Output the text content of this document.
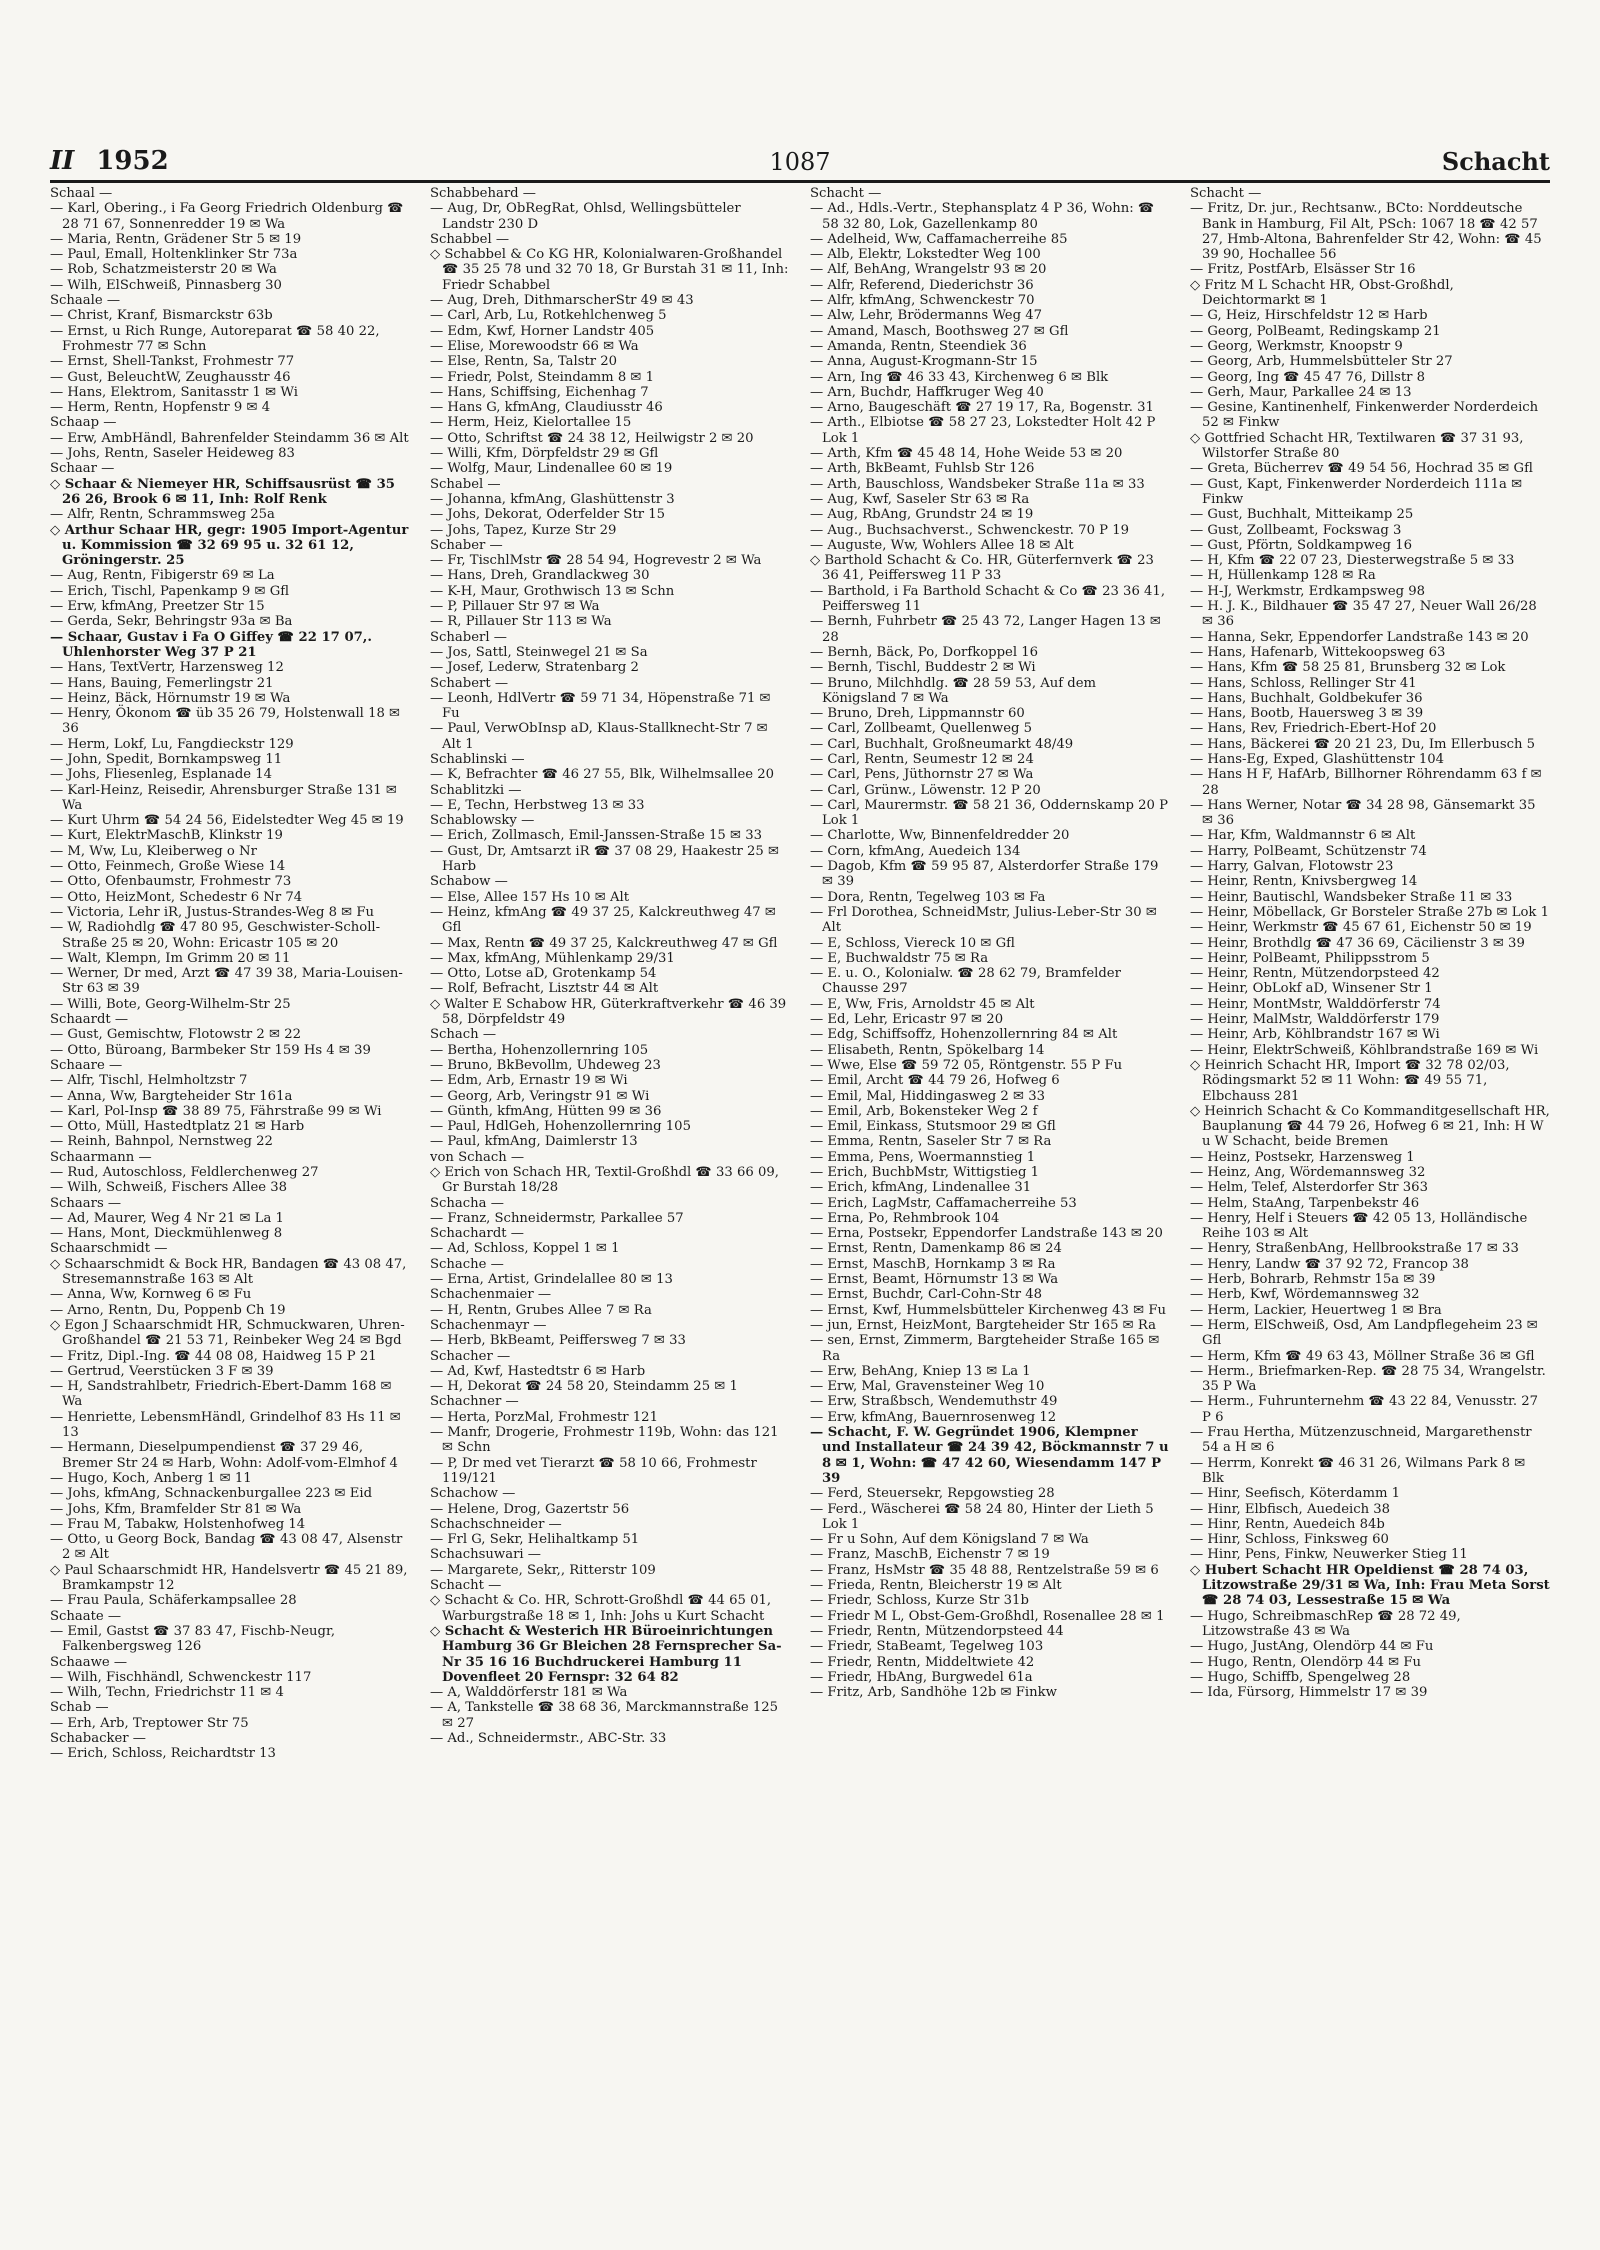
II 1952	1087	Schacht

Schaal —

— Karl, Obering., i Fa Georg Friedrich Oldenburg ☎ 28 71 67, Sonnenredder 19 ✉ Wa

— Maria, Rentn, Grädener Str 5 ✉ 19

— Paul, Emall, Holtenklinker Str 73a

— Rob, Schatzmeisterstr 20 ✉ Wa

— Wilh, ElSchweiß, Pinnasberg 30

Schaale —

— Christ, Kranf, Bismarckstr 63b

— Ernst, u Rich Runge, Autoreparat ☎ 58 40 22, Frohmestr 77 ✉ Schn

— Ernst, Shell-Tankst, Frohmestr 77

— Gust, BeleuchtW, Zeughausstr 46

— Hans, Elektrom, Sanitasstr 1 ✉ Wi

— Herm, Rentn, Hopfenstr 9 ✉ 4

Schaap —

— Erw, AmbHändl, Bahrenfelder Steindamm 36 ✉ Alt

— Johs, Rentn, Saseler Heideweg 83

Schaar —

◇ Schaar & Niemeyer HR, Schiffsausrüst ☎ 35 26 26, Brook 6 ✉ 11, Inh: Rolf Renk

— Alfr, Rentn, Schrammsweg 25a

◇ Arthur Schaar HR, gegr: 1905 Import-Agentur u. Kommission ☎ 32 69 95 u. 32 61 12, Gröningerstr. 25

— Aug, Rentn, Fibigerstr 69 ✉ La

— Erich, Tischl, Papenkamp 9 ✉ Gfl

— Erw, kfmAng, Preetzer Str 15

— Gerda, Sekr, Behringstr 93a ✉ Ba

— Schaar, Gustav i Fa O Giffey ☎ 22 17 07,. Uhlenhorster Weg 37 P 21

— Hans, TextVertr, Harzensweg 12

— Hans, Bauing, Femerlingstr 21

— Heinz, Bäck, Hörnumstr 19 ✉ Wa

— Henry, Ökonom ☎ üb 35 26 79, Holstenwall 18 ✉ 36

— Herm, Lokf, Lu, Fangdieckstr 129

— John, Spedit, Bornkampsweg 11

— Johs, Fliesenleg, Esplanade 14

— Karl-Heinz, Reisedir, Ahrensburger Straße 131 ✉ Wa

— Kurt Uhrm ☎ 54 24 56, Eidelstedter Weg 45 ✉ 19

— Kurt, ElektrMaschB, Klinkstr 19

— M, Ww, Lu, Kleiberweg o Nr

— Otto, Feinmech, Große Wiese 14

— Otto, Ofenbaumstr, Frohmestr 73

— Otto, HeizMont, Schedestr 6 Nr 74

— Victoria, Lehr iR, Justus-Strandes-Weg 8 ✉ Fu

— W, Radiohdlg ☎ 47 80 95, Geschwister-Scholl-Straße 25 ✉ 20, Wohn: Ericastr 105 ✉ 20

— Walt, Klempn, Im Grimm 20 ✉ 11

— Werner, Dr med, Arzt ☎ 47 39 38, Maria-Louisen-Str 63 ✉ 39

— Willi, Bote, Georg-Wilhelm-Str 25

Schaardt —

— Gust, Gemischtw, Flotowstr 2 ✉ 22

— Otto, Büroang, Barmbeker Str 159 Hs 4 ✉ 39

Schaare —

— Alfr, Tischl, Helmholtzstr 7

— Anna, Ww, Bargteheider Str 161a

— Karl, Pol-Insp ☎ 38 89 75, Fährstraße 99 ✉ Wi

— Otto, Müll, Hastedtplatz 21 ✉ Harb

— Reinh, Bahnpol, Nernstweg 22

Schaarmann —

— Rud, Autoschloss, Feldlerchenweg 27

— Wilh, Schweiß, Fischers Allee 38

Schaars —

— Ad, Maurer, Weg 4 Nr 21 ✉ La 1

— Hans, Mont, Dieckmühlenweg 8

Schaarschmidt —

◇ Schaarschmidt & Bock HR, Bandagen ☎ 43 08 47, Stresemannstraße 163 ✉ Alt

— Anna, Ww, Kornweg 6 ✉ Fu

— Arno, Rentn, Du, Poppenb Ch 19

◇ Egon J Schaarschmidt HR, Schmuckwaren, Uhren-Großhandel ☎ 21 53 71, Reinbeker Weg 24 ✉ Bgd

— Fritz, Dipl.-Ing. ☎ 44 08 08, Haidweg 15 P 21

— Gertrud, Veerstücken 3 F ✉ 39

— H, Sandstrahlbetr, Friedrich-Ebert-Damm 168 ✉ Wa

— Henriette, LebensmHändl, Grindelhof 83 Hs 11 ✉ 13

— Hermann, Dieselpumpendienst ☎ 37 29 46, Bremer Str 24 ✉ Harb, Wohn: Adolf-vom-Elmhof 4

— Hugo, Koch, Anberg 1 ✉ 11

— Johs, kfmAng, Schnackenburgallee 223 ✉ Eid

— Johs, Kfm, Bramfelder Str 81 ✉ Wa

— Frau M, Tabakw, Holstenhofweg 14

— Otto, u Georg Bock, Bandag ☎ 43 08 47, Alsenstr 2 ✉ Alt

◇ Paul Schaarschmidt HR, Handelsvertr ☎ 45 21 89, Bramkampstr 12

— Frau Paula, Schäferkampsallee 28

Schaate —

— Emil, Gastst ☎ 37 83 47, Fischb-Neugr, Falkenbergsweg 126

Schaawe —

— Wilh, Fischhändl, Schwenckestr 117

— Wilh, Techn, Friedrichstr 11 ✉ 4

Schab —

— Erh, Arb, Treptower Str 75

Schabacker —

— Erich, Schloss, Reichardtstr 13

Schabbehard —

— Aug, Dr, ObRegRat, Ohlsd, Wellingsbütteler Landstr 230 D

Schabbel —

◇ Schabbel & Co KG HR, Kolonialwaren-Großhandel ☎ 35 25 78 und 32 70 18, Gr Burstah 31 ✉ 11, Inh: Friedr Schabbel

— Aug, Dreh, DithmarscherStr 49 ✉ 43

— Carl, Arb, Lu, Rotkehlchenweg 5

— Edm, Kwf, Horner Landstr 405

— Elise, Morewoodstr 66 ✉ Wa

— Else, Rentn, Sa, Talstr 20

— Friedr, Polst, Steindamm 8 ✉ 1

— Hans, Schiffsing, Eichenhag 7

— Hans G, kfmAng, Claudiusstr 46

— Herm, Heiz, Kielortallee 15

— Otto, Schriftst ☎ 24 38 12, Heilwigstr 2 ✉ 20

— Willi, Kfm, Dörpfeldstr 29 ✉ Gfl

— Wolfg, Maur, Lindenallee 60 ✉ 19

Schabel —

— Johanna, kfmAng, Glashüttenstr 3

— Johs, Dekorat, Oderfelder Str 15

— Johs, Tapez, Kurze Str 29

Schaber —

— Fr, TischlMstr ☎ 28 54 94, Hogrevestr 2 ✉ Wa

— Hans, Dreh, Grandlackweg 30

— K-H, Maur, Grothwisch 13 ✉ Schn

— P, Pillauer Str 97 ✉ Wa

— R, Pillauer Str 113 ✉ Wa

Schaberl —

— Jos, Sattl, Steinwegel 21 ✉ Sa

— Josef, Lederw, Stratenbarg 2

Schabert —

— Leonh, HdlVertr ☎ 59 71 34, Höpenstraße 71 ✉ Fu

— Paul, VerwObInsp aD, Klaus-Stallknecht-Str 7 ✉ Alt 1

Schablinski —

— K, Befrachter ☎ 46 27 55, Blk, Wilhelmsallee 20

Schablitzki —

— E, Techn, Herbstweg 13 ✉ 33

Schablowsky —

— Erich, Zollmasch, Emil-Janssen-Straße 15 ✉ 33

— Gust, Dr, Amtsarzt iR ☎ 37 08 29, Haakestr 25 ✉ Harb

Schabow —

— Else, Allee 157 Hs 10 ✉ Alt

— Heinz, kfmAng ☎ 49 37 25, Kalckreuthweg 47 ✉ Gfl

— Max, Rentn ☎ 49 37 25, Kalckreuthweg 47 ✉ Gfl

— Max, kfmAng, Mühlenkamp 29/31

— Otto, Lotse aD, Grotenkamp 54

— Rolf, Befracht, Lisztstr 44 ✉ Alt

◇ Walter E Schabow HR, Güterkraftverkehr ☎ 46 39 58, Dörpfeldstr 49

Schach —

— Bertha, Hohenzollernring 105

— Bruno, BkBevollm, Uhdeweg 23

— Edm, Arb, Ernastr 19 ✉ Wi

— Georg, Arb, Veringstr 91 ✉ Wi

— Günth, kfmAng, Hütten 99 ✉ 36

— Paul, HdlGeh, Hohenzollernring 105

— Paul, kfmAng, Daimlerstr 13

von Schach —

◇ Erich von Schach HR, Textil-Großhdl ☎ 33 66 09, Gr Burstah 18/28

Schacha —

— Franz, Schneidermstr, Parkallee 57

Schachardt —

— Ad, Schloss, Koppel 1 ✉ 1

Schache —

— Erna, Artist, Grindelallee 80 ✉ 13

Schachenmaier —

— H, Rentn, Grubes Allee 7 ✉ Ra

Schachenmayr —

— Herb, BkBeamt, Peiffersweg 7 ✉ 33

Schacher —

— Ad, Kwf, Hastedtstr 6 ✉ Harb

— H, Dekorat ☎ 24 58 20, Steindamm 25 ✉ 1

Schachner —

— Herta, PorzMal, Frohmestr 121

— Manfr, Drogerie, Frohmestr 119b, Wohn: das 121 ✉ Schn

— P, Dr med vet Tierarzt ☎ 58 10 66, Frohmestr 119/121

Schachow —

— Helene, Drog, Gazertstr 56

Schachschneider —

— Frl G, Sekr, Helihaltkamp 51

Schachsuwari —

— Margarete, Sekr,, Ritterstr 109

Schacht —

◇ Schacht & Co. HR, Schrott-Großhdl ☎ 44 65 01, Warburgstraße 18 ✉ 1, Inh: Johs u Kurt Schacht

◇ Schacht & Westerich HR Büroeinrichtungen Hamburg 36 Gr Bleichen 28 Fernsprecher Sa-Nr 35 16 16 Buchdruckerei Hamburg 11 Dovenfleet 20 Fernspr: 32 64 82

— A, Walddörferstr 181 ✉ Wa

— A, Tankstelle ☎ 38 68 36, Marckmannstraße 125 ✉ 27

— Ad., Schneidermstr., ABC-Str. 33

Schacht —

— Ad., Hdls.-Vertr., Stephansplatz 4 P 36, Wohn: ☎ 58 32 80, Lok, Gazellenkamp 80

— Adelheid, Ww, Caffamacherreihe 85

— Alb, Elektr, Lokstedter Weg 100

— Alf, BehAng, Wrangelstr 93 ✉ 20

— Alfr, Referend, Diederichstr 36

— Alfr, kfmAng, Schwenckestr 70

— Alw, Lehr, Brödermanns Weg 47

— Amand, Masch, Boothsweg 27 ✉ Gfl

— Amanda, Rentn, Steendiek 36

— Anna, August-Krogmann-Str 15

— Arn, Ing ☎ 46 33 43, Kirchenweg 6 ✉ Blk

— Arn, Buchdr, Haffkruger Weg 40

— Arno, Baugeschäft ☎ 27 19 17, Ra, Bogenstr. 31

— Arth., Elbiotse ☎ 58 27 23, Lokstedter Holt 42 P Lok 1

— Arth, Kfm ☎ 45 48 14, Hohe Weide 53 ✉ 20

— Arth, BkBeamt, Fuhlsb Str 126

— Arth, Bauschloss, Wandsbeker Straße 11a ✉ 33

— Aug, Kwf, Saseler Str 63 ✉ Ra

— Aug, RbAng, Grundstr 24 ✉ 19

— Aug., Buchsachverst., Schwenckestr. 70 P 19

— Auguste, Ww, Wohlers Allee 18 ✉ Alt

◇ Barthold Schacht & Co. HR, Güterfernverk ☎ 23 36 41, Peiffersweg 11 P 33

— Barthold, i Fa Barthold Schacht & Co ☎ 23 36 41, Peiffersweg 11

— Bernh, Fuhrbetr ☎ 25 43 72, Langer Hagen 13 ✉ 28

— Bernh, Bäck, Po, Dorfkoppel 16

— Bernh, Tischl, Buddestr 2 ✉ Wi

— Bruno, Milchhdlg. ☎ 28 59 53, Auf dem Königsland 7 ✉ Wa

— Bruno, Dreh, Lippmannstr 60

— Carl, Zollbeamt, Quellenweg 5

— Carl, Buchhalt, Großneumarkt 48/49

— Carl, Rentn, Seumestr 12 ✉ 24

— Carl, Pens, Jüthornstr 27 ✉ Wa

— Carl, Grünw., Löwenstr. 12 P 20

— Carl, Maurermstr. ☎ 58 21 36, Oddernskamp 20 P Lok 1

— Charlotte, Ww, Binnenfeldredder 20

— Corn, kfmAng, Auedeich 134

— Dagob, Kfm ☎ 59 95 87, Alsterdorfer Straße 179 ✉ 39

— Dora, Rentn, Tegelweg 103 ✉ Fa

— Frl Dorothea, SchneidMstr, Julius-Leber-Str 30 ✉ Alt

— E, Schloss, Viereck 10 ✉ Gfl

— E, Buchwaldstr 75 ✉ Ra

— E. u. O., Kolonialw. ☎ 28 62 79, Bramfelder Chausse 297

— E, Ww, Fris, Arnoldstr 45 ✉ Alt

— Ed, Lehr, Ericastr 97 ✉ 20

— Edg, Schiffsoffz, Hohenzollernring 84 ✉ Alt

— Elisabeth, Rentn, Spökelbarg 14

— Wwe, Else ☎ 59 72 05, Röntgenstr. 55 P Fu

— Emil, Archt ☎ 44 79 26, Hofweg 6

— Emil, Mal, Hiddingasweg 2 ✉ 33

— Emil, Arb, Bokensteker Weg 2 f

— Emil, Einkass, Stutsmoor 29 ✉ Gfl

— Emma, Rentn, Saseler Str 7 ✉ Ra

— Emma, Pens, Woermannstieg 1

— Erich, BuchbMstr, Wittigstieg 1

— Erich, kfmAng, Lindenallee 31

— Erich, LagMstr, Caffamacherreihe 53

— Erna, Po, Rehmbrook 104

— Erna, Postsekr, Eppendorfer Landstraße 143 ✉ 20

— Ernst, Rentn, Damenkamp 86 ✉ 24

— Ernst, MaschB, Hornkamp 3 ✉ Ra

— Ernst, Beamt, Hörnumstr 13 ✉ Wa

— Ernst, Buchdr, Carl-Cohn-Str 48

— Ernst, Kwf, Hummelsbütteler Kirchenweg 43 ✉ Fu

— jun, Ernst, HeizMont, Bargteheider Str 165 ✉ Ra

— sen, Ernst, Zimmerm, Bargteheider Straße 165 ✉ Ra

— Erw, BehAng, Kniep 13 ✉ La 1

— Erw, Mal, Gravensteiner Weg 10

— Erw, Straßbsch, Wendemuthstr 49

— Erw, kfmAng, Bauernrosenweg 12

— Schacht, F. W. Gegründet 1906, Klempner und Installateur ☎ 24 39 42, Böckmannstr 7 u 8 ✉ 1, Wohn: ☎ 47 42 60, Wiesendamm 147 P 39

— Ferd, Steuersekr, Repgowstieg 28

— Ferd., Wäscherei ☎ 58 24 80, Hinter der Lieth 5 Lok 1

— Fr u Sohn, Auf dem Königsland 7 ✉ Wa

— Franz, MaschB, Eichenstr 7 ✉ 19

— Franz, HsMstr ☎ 35 48 88, Rentzelstraße 59 ✉ 6

— Frieda, Rentn, Bleicherstr 19 ✉ Alt

— Friedr, Schloss, Kurze Str 31b

— Friedr M L, Obst-Gem-Großhdl, Rosenallee 28 ✉ 1

— Friedr, Rentn, Mützendorpsteed 44

— Friedr, StaBeamt, Tegelweg 103

— Friedr, Rentn, Middeltwiete 42

— Friedr, HbAng, Burgwedel 61a

— Fritz, Arb, Sandhöhe 12b ✉ Finkw

Schacht —

— Fritz, Dr. jur., Rechtsanw., BCto: Norddeutsche Bank in Hamburg, Fil Alt, PSch: 1067 18 ☎ 42 57 27, Hmb-Altona, Bahrenfelder Str 42, Wohn: ☎ 45 39 90, Hochallee 56

— Fritz, PostfArb, Elsässer Str 16

◇ Fritz M L Schacht HR, Obst-Großhdl, Deichtormarkt ✉ 1

— G, Heiz, Hirschfeldstr 12 ✉ Harb

— Georg, PolBeamt, Redingskamp 21

— Georg, Werkmstr, Knoopstr 9

— Georg, Arb, Hummelsbütteler Str 27

— Georg, Ing ☎ 45 47 76, Dillstr 8

— Gerh, Maur, Parkallee 24 ✉ 13

— Gesine, Kantinenhelf, Finkenwerder Norderdeich 52 ✉ Finkw

◇ Gottfried Schacht HR, Textilwaren ☎ 37 31 93, Wilstorfer Straße 80

— Greta, Bücherrev ☎ 49 54 56, Hochrad 35 ✉ Gfl

— Gust, Kapt, Finkenwerder Norderdeich 111a ✉ Finkw

— Gust, Buchhalt, Mitteikamp 25

— Gust, Zollbeamt, Fockswag 3

— Gust, Pförtn, Soldkampweg 16

— H, Kfm ☎ 22 07 23, Diesterwegstraße 5 ✉ 33

— H, Hüllenkamp 128 ✉ Ra

— H-J, Werkmstr, Erdkampsweg 98

— H. J. K., Bildhauer ☎ 35 47 27, Neuer Wall 26/28 ✉ 36

— Hanna, Sekr, Eppendorfer Landstraße 143 ✉ 20

— Hans, Hafenarb, Wittekoopsweg 63

— Hans, Kfm ☎ 58 25 81, Brunsberg 32 ✉ Lok

— Hans, Schloss, Rellinger Str 41

— Hans, Buchhalt, Goldbekufer 36

— Hans, Bootb, Hauersweg 3 ✉ 39

— Hans, Rev, Friedrich-Ebert-Hof 20

— Hans, Bäckerei ☎ 20 21 23, Du, Im Ellerbusch 5

— Hans-Eg, Exped, Glashüttenstr 104

— Hans H F, HafArb, Billhorner Röhrendamm 63 f ✉ 28

— Hans Werner, Notar ☎ 34 28 98, Gänsemarkt 35 ✉ 36

— Har, Kfm, Waldmannstr 6 ✉ Alt

— Harry, PolBeamt, Schützenstr 74

— Harry, Galvan, Flotowstr 23

— Heinr, Rentn, Knivsbergweg 14

— Heinr, Bautischl, Wandsbeker Straße 11 ✉ 33

— Heinr, Möbellack, Gr Borsteler Straße 27b ✉ Lok 1

— Heinr, Werkmstr ☎ 45 67 61, Eichenstr 50 ✉ 19

— Heinr, Brothdlg ☎ 47 36 69, Cäcilienstr 3 ✉ 39

— Heinr, PolBeamt, Philippsstrom 5

— Heinr, Rentn, Mützendorpsteed 42

— Heinr, ObLokf aD, Winsener Str 1

— Heinr, MontMstr, Walddörferstr 74

— Heinr, MalMstr, Walddörferstr 179

— Heinr, Arb, Köhlbrandstr 167 ✉ Wi

— Heinr, ElektrSchweiß, Köhlbrandstraße 169 ✉ Wi

◇ Heinrich Schacht HR, Import ☎ 32 78 02/03, Rödingsmarkt 52 ✉ 11 Wohn: ☎ 49 55 71, Elbchauss 281

◇ Heinrich Schacht & Co Kommanditgesellschaft HR, Bauplanung ☎ 44 79 26, Hofweg 6 ✉ 21, Inh: H W u W Schacht, beide Bremen

— Heinz, Postsekr, Harzensweg 1

— Heinz, Ang, Wördemannsweg 32

— Helm, Telef, Alsterdorfer Str 363

— Helm, StaAng, Tarpenbekstr 46

— Henry, Helf i Steuers ☎ 42 05 13, Holländische Reihe 103 ✉ Alt

— Henry, StraßenbAng, Hellbrookstraße 17 ✉ 33

— Henry, Landw ☎ 37 92 72, Francop 38

— Herb, Bohrarb, Rehmstr 15a ✉ 39

— Herb, Kwf, Wördemannsweg 32

— Herm, Lackier, Heuertweg 1 ✉ Bra

— Herm, ElSchweiß, Osd, Am Landpflegeheim 23 ✉ Gfl

— Herm, Kfm ☎ 49 63 43, Möllner Straße 36 ✉ Gfl

— Herm., Briefmarken-Rep. ☎ 28 75 34, Wrangelstr. 35 P Wa

— Herm., Fuhrunternehm ☎ 43 22 84, Venusstr. 27 P 6

— Frau Hertha, Mützenzuschneid, Margarethenstr 54 a H ✉ 6

— Herrm, Konrekt ☎ 46 31 26, Wilmans Park 8 ✉ Blk

— Hinr, Seefisch, Köterdamm 1

— Hinr, Elbfisch, Auedeich 38

— Hinr, Rentn, Auedeich 84b

— Hinr, Schloss, Finksweg 60

— Hinr, Pens, Finkw, Neuwerker Stieg 11

◇ Hubert Schacht HR Opeldienst ☎ 28 74 03, Litzowstraße 29/31 ✉ Wa, Inh: Frau Meta Sorst ☎ 28 74 03, Lessestraße 15 ✉ Wa

— Hugo, SchreibmaschRep ☎ 28 72 49, Litzowstraße 43 ✉ Wa

— Hugo, JustAng, Olendörp 44 ✉ Fu

— Hugo, Rentn, Olendörp 44 ✉ Fu

— Hugo, Schiffb, Spengelweg 28

— Ida, Fürsorg, Himmelstr 17 ✉ 39
